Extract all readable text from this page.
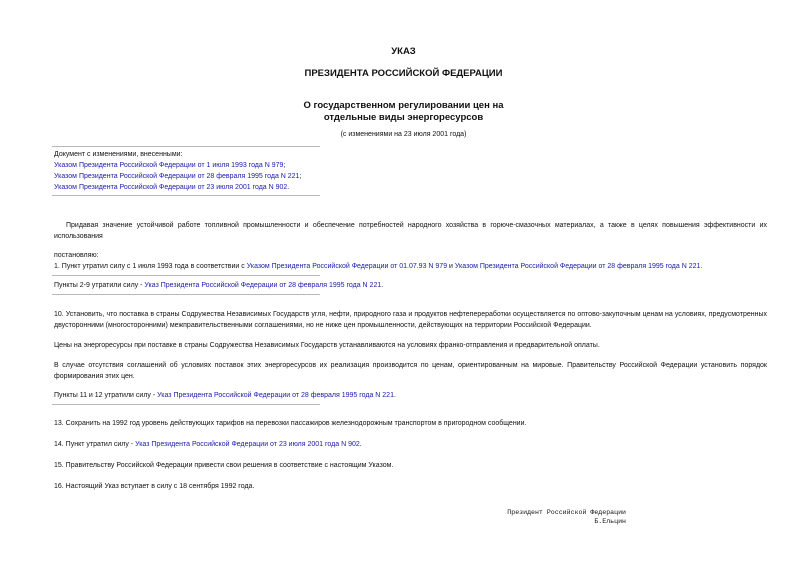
УКАЗ
ПРЕЗИДЕНТА РОССИЙСКОЙ ФЕДЕРАЦИИ
О государственном регулировании цен на
отдельные виды энергоресурсов
(с изменениями на 23 июля 2001 года)
Документ с изменениями, внесенными:
Указом Президента Российской Федерации от 1 июля 1993 года N 979;
Указом Президента Российской Федерации от 28 февраля 1995 года N 221;
Указом Президента Российской Федерации от 23 июля 2001 года N 902.
Придавая значение устойчивой работе топливной промышленности и обеспечение потребностей народного хозяйства в горюче-смазочных материалах, а также в целях повышения эффективности их использования
постановляю:
1. Пункт утратил силу с 1 июля 1993 года в соответствии с Указом Президента Российской Федерации от 01.07.93 N 979 и Указом Президента Российской Федерации от 28 февраля 1995 года N 221.
Пункты 2-9 утратили силу - Указ Президента Российской Федерации от 28 февраля 1995 года N 221.
10. Установить, что поставка в страны Содружества Независимых Государств угля, нефти, природного газа и продуктов нефтепереработки осуществляется по оптово-закупочным ценам на условиях, предусмотренных двусторонними (многосторонними) межправительственными соглашениями, но не ниже цен промышленности, действующих на территории Российской Федерации.
Цены на энергоресурсы при поставке в страны Содружества Независимых Государств устанавливаются на условиях франко-отправления и предварительной оплаты.
В случае отсутствия соглашений об условиях поставок этих энергоресурсов их реализация производится по ценам, ориентированным на мировые. Правительству Российской Федерации установить порядок формирования этих цен.
Пункты 11 и 12 утратили силу - Указ Президента Российской Федерации от 28 февраля 1995 года N 221.
13. Сохранить на 1992 год уровень действующих тарифов на перевозки пассажиров железнодорожным транспортом в пригородном сообщении.
14. Пункт утратил силу - Указ Президента Российской Федерации от 23 июля 2001 года N 902.
15. Правительству Российской Федерации привести свои решения в соответствие с настоящим Указом.
16. Настоящий Указ вступает в силу с 18 сентября 1992 года.
Президент Российской Федерации
Б.Ельцин
